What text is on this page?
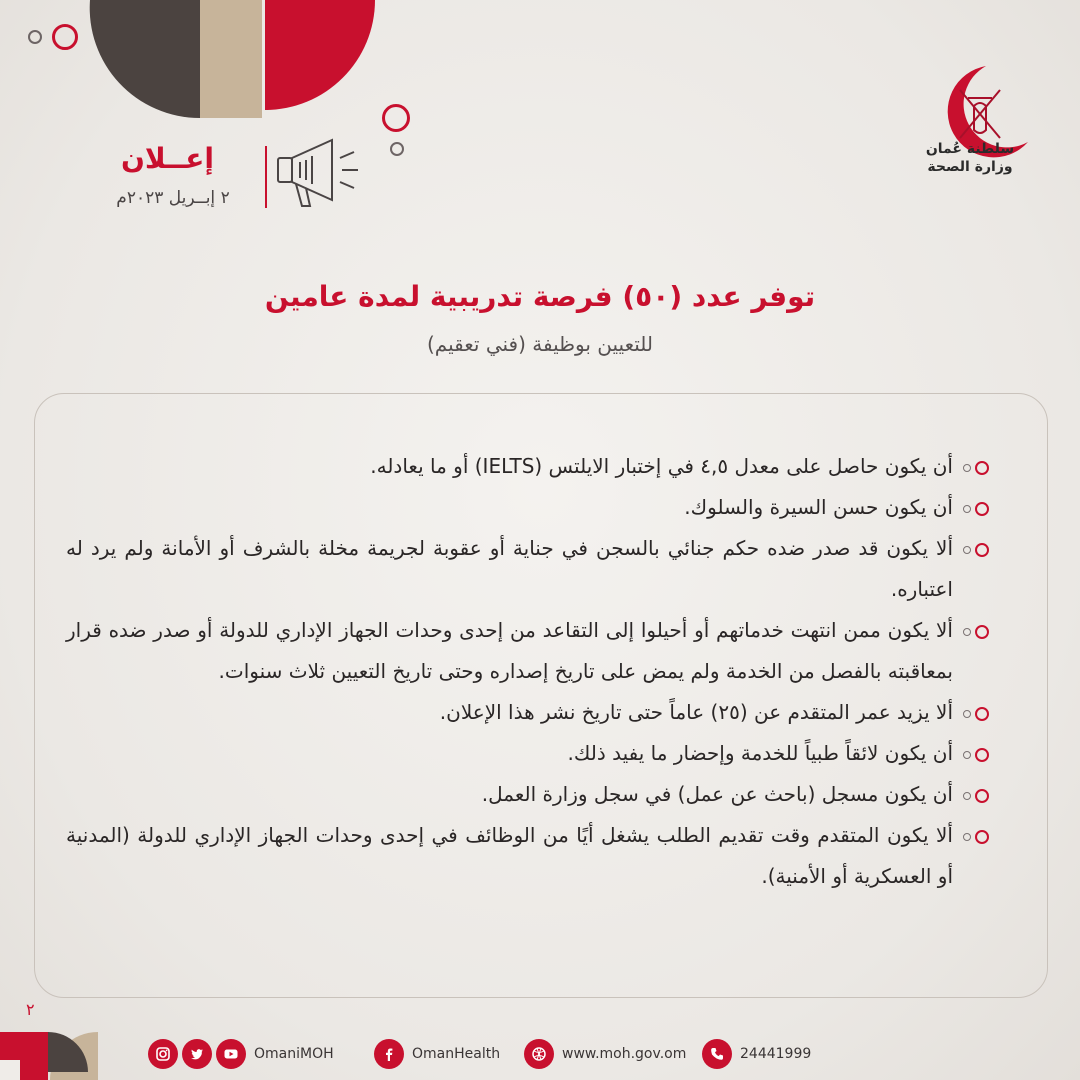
سلطنة عُمان
وزارة الصحة
إعــلان
٢ إبــريل ٢٠٢٣م
توفر عدد (٥٠) فرصة تدريبية لمدة عامين
للتعيين بوظيفة (فني تعقيم)
أن يكون حاصل على معدل ٤,٥ في إختبار الايلتس (IELTS) أو ما يعادله.
أن يكون حسن السيرة والسلوك.
ألا يكون قد صدر ضده حكم جنائي بالسجن في جناية أو عقوبة لجريمة مخلة بالشرف أو الأمانة ولم يرد له اعتباره.
ألا يكون ممن انتهت خدماتهم أو أحيلوا إلى التقاعد من إحدى وحدات الجهاز الإداري للدولة أو صدر ضده قرار بمعاقبته بالفصل من الخدمة ولم يمض على تاريخ إصداره وحتى تاريخ التعيين ثلاث سنوات.
ألا يزيد عمر المتقدم عن (٢٥) عاماً حتى تاريخ نشر هذا الإعلان.
أن يكون لائقاً طبياً للخدمة وإحضار ما يفيد ذلك.
أن يكون مسجل (باحث عن عمل) في سجل وزارة العمل.
ألا يكون المتقدم وقت تقديم الطلب يشغل أيًا من الوظائف في إحدى وحدات الجهاز الإداري للدولة (المدنية أو العسكرية أو الأمنية).
٢
OmaniMOH	OmanHealth	www.moh.gov.om	24441999
